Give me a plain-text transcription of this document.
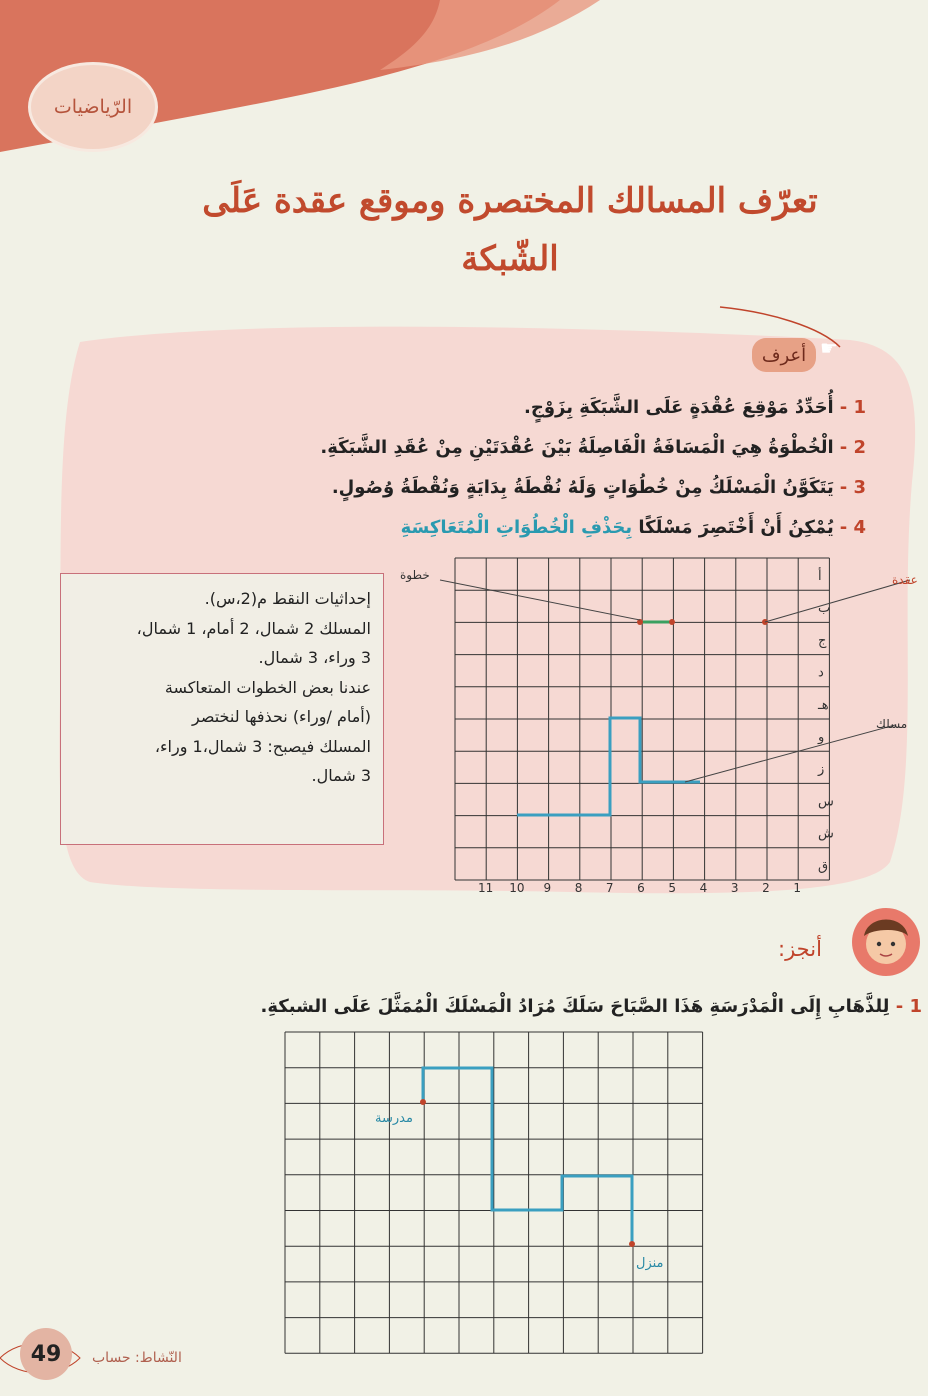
الرّياضيات
تعرّف المسالك المختصرة وموقع عقدة عَلَى الشّبكة
أعرف ☛
1 -أُحَدِّدُ مَوْقِعَ عُقْدَةٍ عَلَى الشَّبَكَةِ بِزَوْجٍ.
2 -الْخُطْوَةُ هِيَ الْمَسَافَةُ الْفَاصِلَةُ بَيْنَ عُقْدَتَيْنِ مِنْ عُقَدِ الشَّبَكَةِ.
3 -يَتَكَوَّنُ الْمَسْلَكُ مِنْ خُطُوَاتٍ وَلَهُ نُقْطَةُ بِدَايَةٍ وَنُقْطَةُ وُصُولٍ.
4 -يُمْكِنُ أَنْ أَخْتَصِرَ مَسْلَكًا بِحَذْفِ الْخُطُوَاتِ الْمُتَعَاكِسَةِ
أ
ب
ج
د
هـ
و
ز
س
ش
ق
11 10 9 8 7 6 5 4 3 2 1
خطوة	عقدة
مسلك

إحداثيات النقط م(2،س).

المسلك 2 شمال، 2 أمام، 1 شمال،

3 وراء، 3 شمال.

عندنا بعض الخطوات المتعاكسة

(أمام /وراء) نحذفها لنختصر

المسلك فيصبح: 3 شمال،1 وراء،

3 شمال.

أنجز:
1 - لِلذَّهَابِ إِلَى الْمَدْرَسَةِ هَذَا الصَّبَاحَ سَلَكَ مُرَادُ الْمَسْلَكَ الْمُمَثَّلَ عَلَى الشبكةِ.
مدرسة
منزل
49	النّشاط: حساب
